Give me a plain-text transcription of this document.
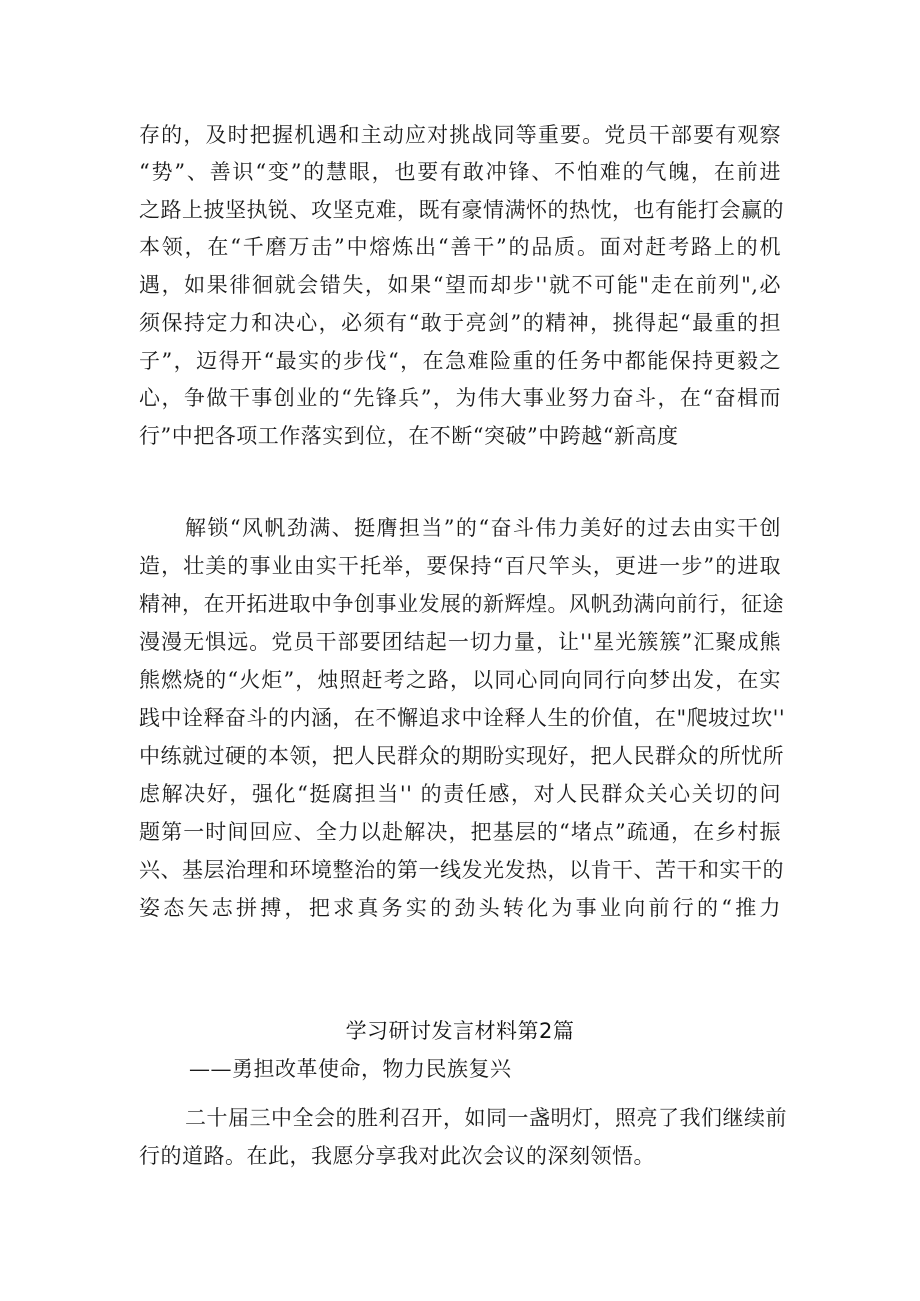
存的，及时把握机遇和主动应对挑战同等重要。党员干部要有观察
“势”、善识“变”的慧眼，也要有敢冲锋、不怕难的气魄，在前进
之路上披坚执锐、攻坚克难，既有豪情满怀的热忱，也有能打会赢的
本领，在“千磨万击”中熔炼出“善干”的品质。面对赶考路上的机
遇，如果徘徊就会错失，如果“望而却步''就不可能"走在前列",必
须保持定力和决心，必须有“敢于亮剑”的精神，挑得起“最重的担
子”，迈得开“最实的步伐“，在急难险重的任务中都能保持更毅之
心，争做干事创业的“先锋兵”，为伟大事业努力奋斗，在“奋楫而
行”中把各项工作落实到位，在不断“突破”中跨越“新高度
解锁“风帆劲满、挺膺担当”的“奋斗伟力美好的过去由实干创
造，壮美的事业由实干托举，要保持“百尺竿头，更进一步”的进取
精神，在开拓进取中争创事业发展的新辉煌。风帆劲满向前行，征途
漫漫无惧远。党员干部要团结起一切力量，让''星光簇簇”汇聚成熊
熊燃烧的“火炬”，烛照赶考之路，以同心同向同行向梦出发，在实
践中诠释奋斗的内涵，在不懈追求中诠释人生的价值，在"爬坡过坎''
中练就过硬的本领，把人民群众的期盼实现好，把人民群众的所忧所
虑解决好，强化“挺腐担当'' 的责任感，对人民群众关心关切的问
题第一时间回应、全力以赴解决，把基层的“堵点”疏通，在乡村振
兴、基层治理和环境整治的第一线发光发热，以肯干、苦干和实干的
姿态矢志拼搏，把求真务实的劲头转化为事业向前行的“推力
学习研讨发言材料第2篇
——勇担改革使命，物力民族复兴
二十届三中全会的胜利召开，如同一盏明灯，照亮了我们继续前
行的道路。在此，我愿分享我对此次会议的深刻领悟。
